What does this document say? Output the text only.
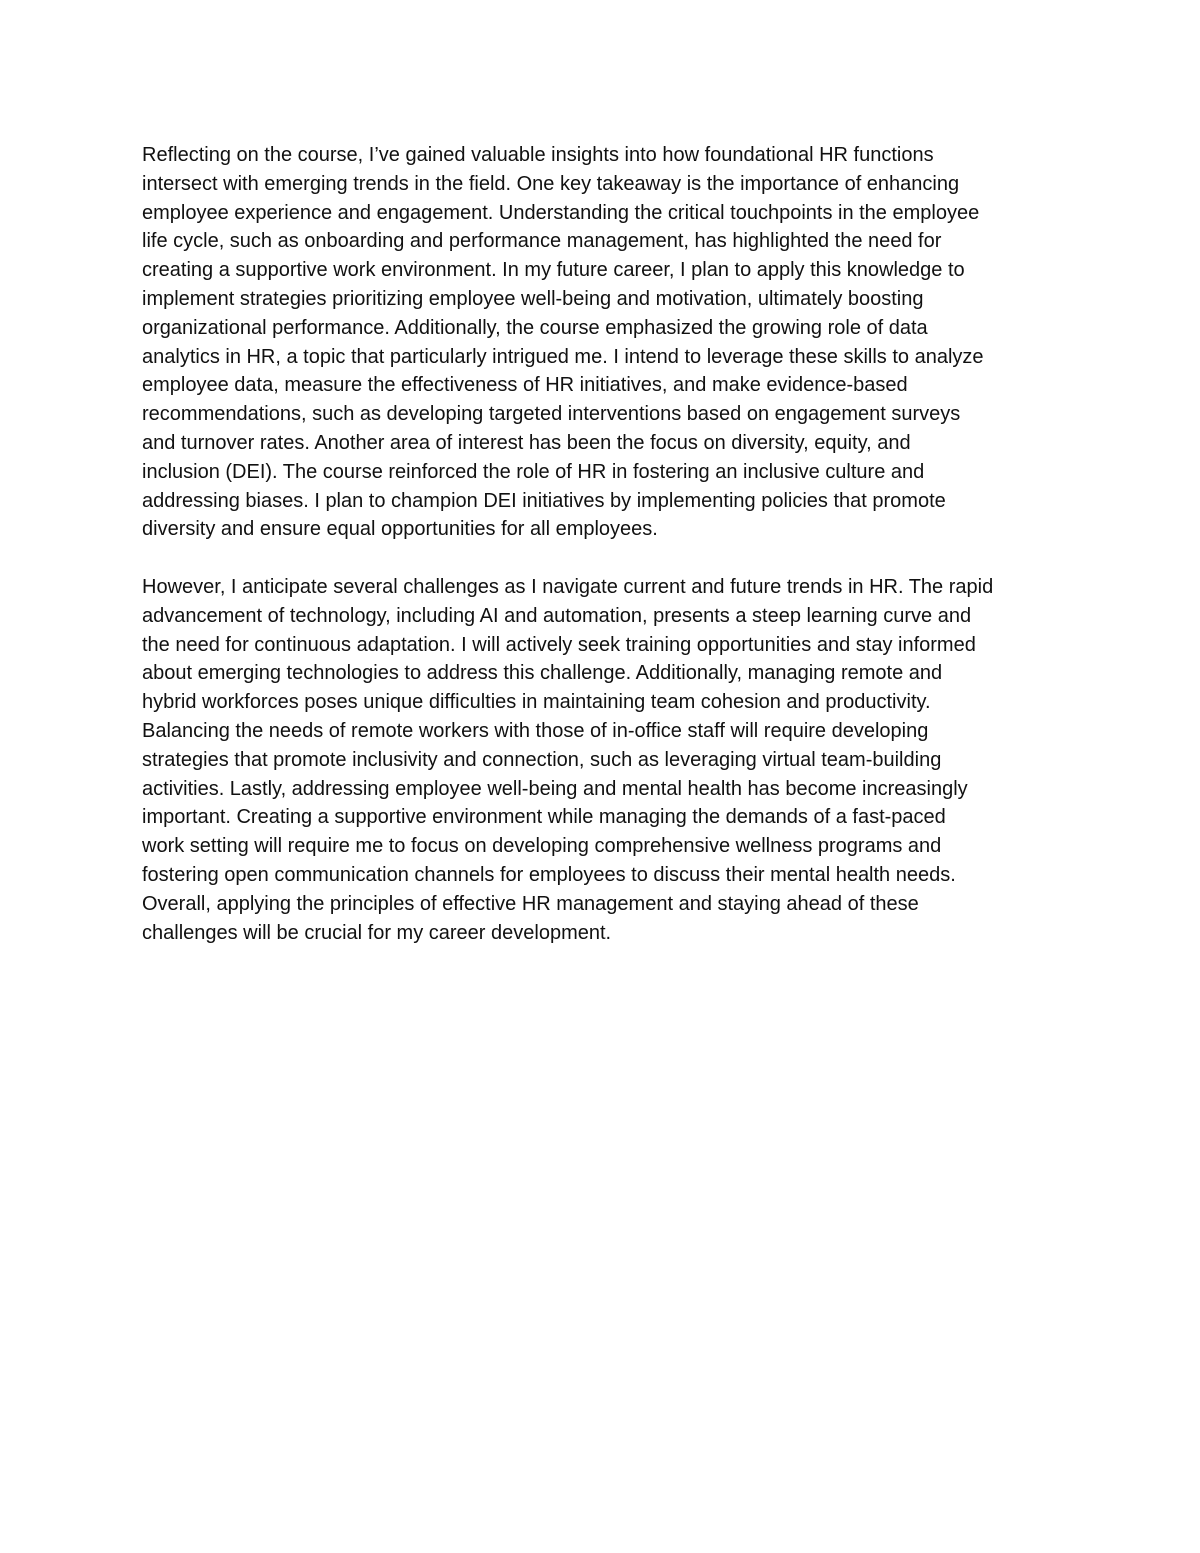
Reflecting on the course, I’ve gained valuable insights into how foundational HR functions
intersect with emerging trends in the field. One key takeaway is the importance of enhancing
employee experience and engagement. Understanding the critical touchpoints in the employee
life cycle, such as onboarding and performance management, has highlighted the need for
creating a supportive work environment. In my future career, I plan to apply this knowledge to
implement strategies prioritizing employee well-being and motivation, ultimately boosting
organizational performance. Additionally, the course emphasized the growing role of data
analytics in HR, a topic that particularly intrigued me. I intend to leverage these skills to analyze
employee data, measure the effectiveness of HR initiatives, and make evidence-based
recommendations, such as developing targeted interventions based on engagement surveys
and turnover rates. Another area of interest has been the focus on diversity, equity, and
inclusion (DEI). The course reinforced the role of HR in fostering an inclusive culture and
addressing biases. I plan to champion DEI initiatives by implementing policies that promote
diversity and ensure equal opportunities for all employees.

However, I anticipate several challenges as I navigate current and future trends in HR. The rapid
advancement of technology, including AI and automation, presents a steep learning curve and
the need for continuous adaptation. I will actively seek training opportunities and stay informed
about emerging technologies to address this challenge. Additionally, managing remote and
hybrid workforces poses unique difficulties in maintaining team cohesion and productivity.
Balancing the needs of remote workers with those of in-office staff will require developing
strategies that promote inclusivity and connection, such as leveraging virtual team-building
activities. Lastly, addressing employee well-being and mental health has become increasingly
important. Creating a supportive environment while managing the demands of a fast-paced
work setting will require me to focus on developing comprehensive wellness programs and
fostering open communication channels for employees to discuss their mental health needs.
Overall, applying the principles of effective HR management and staying ahead of these
challenges will be crucial for my career development.
